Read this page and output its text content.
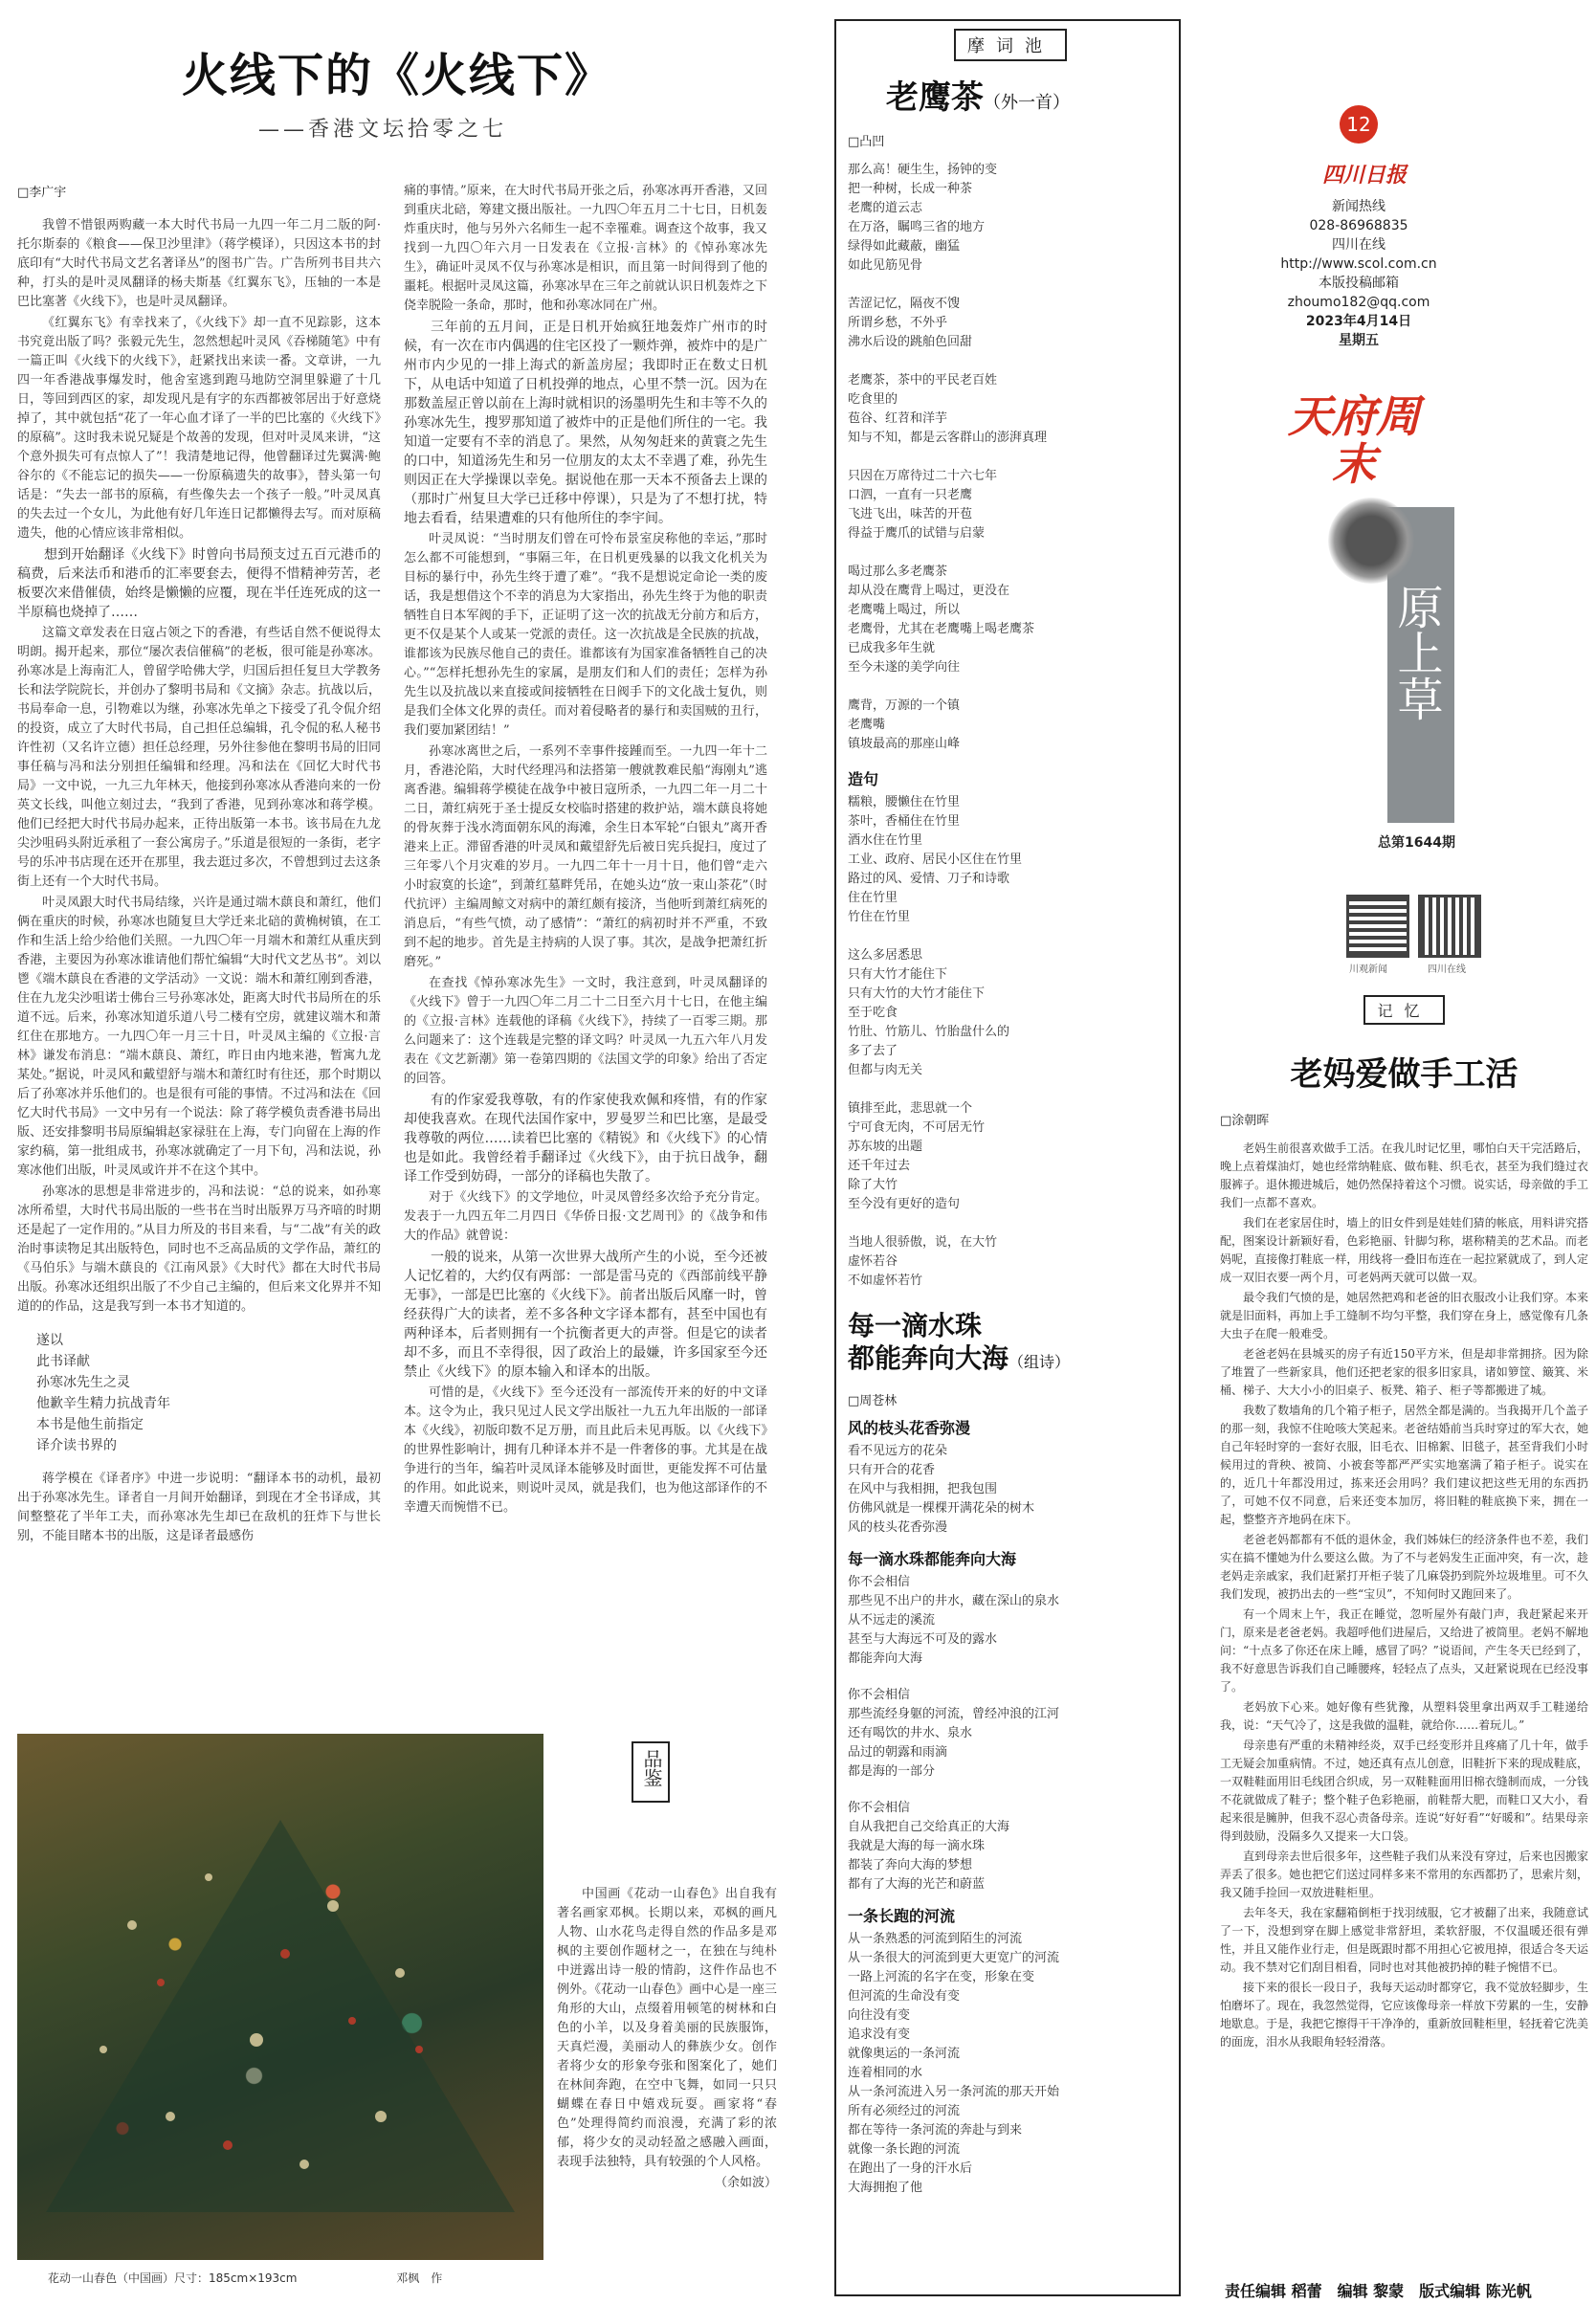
火线下的《火线下》
——香港文坛拾零之七
□李广宇

我曾不惜银两购藏一本大时代书局一九四一年二月二版的阿·托尔斯泰的《粮食——保卫沙里津》（蒋学模译），只因这本书的封底印有“大时代书局文艺名著译丛”的图书广告。广告所列书目共六种，打头的是叶灵凤翻译的杨夫斯基《红翼东飞》，压轴的一本是巴比塞著《火线下》，也是叶灵凤翻译。

《红翼东飞》有幸找来了，《火线下》却一直不见踪影，这本书究竟出版了吗？张毅元先生，忽然想起叶灵风《吞梯随笔》中有一篇正叫《火线下的火线下》，赶紧找出来读一番。文章讲，一九四一年香港战事爆发时，他舍室逃到跑马地防空洞里躲避了十几日，等回到西区的家，却发现凡是有字的东西都被邻居出于好意烧掉了，其中就包括“花了一年心血才译了一半的巴比塞的《火线下》的原稿”。这时我未说兄疑是个故善的发现，但对叶灵凤来讲，“这个意外损失可有点惊人了”！我清楚地记得，他曾翻译过先翼满·鲍谷尔的《不能忘记的损失——一份原稿遗失的故事》，替头第一句话是：“失去一部书的原稿，有些像失去一个孩子一般。”叶灵凤真的失去过一个女儿，为此他有好几年连日记都懒得去写。而对原稿遗失，他的心情应该非常相似。

想到开始翻译《火线下》时曾向书局预支过五百元港币的稿费，后来法币和港币的汇率要套去，便得不惜精神劳苦，老板要次来借催债，始终是懒懒的应覆，现在半任连死成的这一半原稿也烧掉了……

这篇文章发表在日寇占领之下的香港，有些话自然不便说得太明朗。揭开起来，那位“屡次表信催稿”的老板，很可能是孙寒冰。孙寒冰是上海南汇人，曾留学哈佛大学，归国后担任复旦大学教务长和法学院院长，并创办了黎明书局和《文摘》杂志。抗战以后，书局奉命一息，引物难以为继，孙寒冰先单之下接受了孔令侃介绍的投资，成立了大时代书局，自己担任总编辑，孔令侃的私人秘书许性初（又名许立德）担任总经理，另外往参他在黎明书局的旧同事任稿与冯和法分别担任编辑和经理。冯和法在《回忆大时代书局》一文中说，一九三九年林天，他接到孙寒冰从香港向来的一份英文长线，叫他立刻过去，“我到了香港，见到孙寒冰和蒋学模。他们已经把大时代书局办起来，正待出版第一本书。该书局在九龙尖沙咀码头附近承租了一套公寓房子。”乐道是很短的一条街，老字号的乐冲书店现在还开在那里，我去逛过多次，不曾想到过去这条街上还有一个大时代书局。

叶灵凤跟大时代书局结缘，兴许是通过端木蕻良和萧红，他们俩在重庆的时候，孙寒冰也随复旦大学迁来北碚的黄桷树镇，在工作和生活上给少给他们关照。一九四〇年一月端木和萧红从重庆到香港，主要因为孙寒冰谁请他们帮忙编辑“大时代文艺丛书”。刘以鬯《端木蕻良在香港的文学活动》一文说：端木和萧红刚到香港，住在九龙尖沙咀诺士佛台三号孙寒冰处，距离大时代书局所在的乐道不远。后来，孙寒冰知道乐道八号二楼有空房，就建议端木和萧红住在那地方。一九四〇年一月三十日，叶灵凤主编的《立报·言林》谦发布消息：“端木蕻良、萧红，昨日由内地来港，暂寓九龙某处。”据说，叶灵风和戴望舒与端木和萧红时有往还，那个时期以后了孙寒冰并乐他们的。也是很有可能的事情。不过冯和法在《回忆大时代书局》一文中另有一个说法：除了蒋学模负责香港书局出版、还安排黎明书局原编辑赵家禄驻在上海，专门向留在上海的作家约稿，第一批组成书，孙寒冰就确定了一月下旬，冯和法说，孙寒冰他们出版，叶灵凤或许并不在这个其中。

孙寒冰的思想是非常进步的，冯和法说：“总的说来，如孙寒冰所希望，大时代书局出版的一些书在当时出版界万马齐喑的时期还是起了一定作用的。”从目力所及的书目来看，与“二战”有关的政治时事读物足其出版特色，同时也不乏高品质的文学作品，萧红的《马伯乐》与端木蕻良的《江南风景》《大时代》都在大时代书局出版。孙寒冰还组织出版了不少自己主编的，但后来文化界并不知道的的作品，这是我写到一本书才知道的。

遂以
此书译献
孙寒冰先生之灵
他歉辛生精力抗战青年
本书是他生前指定
译介读书界的

蒋学模在《译者序》中进一步说明：“翻译本书的动机，最初出于孙寒冰先生。译者自一月间开始翻译，到现在才全书译成，其间整整花了半年工夫，而孙寒冰先生却已在敌机的狂炸下与世长别，不能目睹本书的出版，这是译者最感伤

痛的事情。”原来，在大时代书局开张之后，孙寒冰再开香港，又回到重庆北碚，筹建文摄出版社。一九四〇年五月二十七日，日机轰炸重庆时，他与另外六名师生一起不幸罹难。调查这个故事，我又找到一九四〇年六月一日发表在《立报·言林》的《悼孙寒冰先生》，确证叶灵凤不仅与孙寒冰是相识，而且第一时间得到了他的噩耗。根据叶灵凤这篇，孙寒冰早在三年之前就认识日机轰炸之下侥幸脱险一条命，那时，他和孙寒冰同在广州。

三年前的五月间，正是日机开始疯狂地轰炸广州市的时候，有一次在市内偶遇的住宅区投了一颗炸弹，被炸中的是广州市内少见的一排上海式的新盖房屋；我即时正在数丈日机下，从电话中知道了日机投弹的地点，心里不禁一沉。因为在那数盖屋正曾以前在上海时就相识的汤墨明先生和丰等不久的孙寒冰先生，搜罗那知道了被炸中的正是他们所住的一宅。我知道一定要有不幸的消息了。果然，从匆匆赶来的黄寰之先生的口中，知道汤先生和另一位朋友的太太不幸遇了难，孙先生则因正在大学操课以幸免。据说他在那一天本不预备去上课的（那时广州复旦大学已迁移中停课），只是为了不想打扰，特地去看看，结果遭难的只有他所住的李宇间。

叶灵凤说：“当时朋友们曾在可怜布景室戾称他的幸运，”那时怎么都不可能想到，“事隔三年，在日机更残暴的以我文化机关为目标的暴行中，孙先生终于遭了难”。“我不是想说定命论一类的废话，我是想借这个不幸的消息为大家指出，孙先生终于为他的职责牺牲自日本军阀的手下，正证明了这一次的抗战无分前方和后方，更不仅是某个人或某一党派的责任。这一次抗战是全民族的抗战，谁都该为民族尽他自己的责任。谁都该有为国家准备牺牲自己的决心。”“怎样托想孙先生的家属，是朋友们和人们的责任；怎样为孙先生以及抗战以来直接或间接牺牲在日阀手下的文化战士复仇，则是我们全体文化界的责任。而对着侵略者的暴行和卖国贼的丑行，我们要加紧团结！”

孙寒冰离世之后，一系列不幸事件接踵而至。一九四一年十二月，香港沦陷，大时代经理冯和法搭第一艘就教难民船“海刚丸”逃离香港。编辑蒋学模徒在战争中被日寇所杀，一九四二年一月二十二日，萧红病死于圣士提反女校临时搭建的救护站，端木蕻良将她的骨灰葬于浅水湾面朝东风的海滩，余生日本军轮“白银丸”离开香港来上正。滞留香港的叶灵凤和戴望舒先后被日宪兵捉扫，度过了三年零八个月灾难的岁月。一九四二年十一月十日，他们曾“走六小时寂寞的长途”，到萧红墓畔凭吊，在她头边“放一束山茶花”（时代抗评）主编周鲸文对病中的萧红颇有接济，当他听到萧红病死的消息后，“有些气愤，动了感情”：“萧红的病初时并不严重，不致到不起的地步。首先是主持病的人误了事。其次，是战争把萧红折磨死。”

在查找《悼孙寒冰先生》一文时，我注意到，叶灵凤翻译的《火线下》曾于一九四〇年二月二十二日至六月十七日，在他主编的《立报·言林》连载他的译稿《火线下》，持续了一百零三期。那么问题来了：这个连载是完整的译文吗？叶灵凤一九五六年八月发表在《文艺新潮》第一卷第四期的《法国文学的印象》给出了否定的回答。

有的作家爱我尊敬，有的作家使我欢佩和疼惜，有的作家却使我喜欢。在现代法国作家中，罗曼罗兰和巴比塞，是最受我尊敬的两位……读着巴比塞的《精锐》和《火线下》的心情也是如此。我曾经着手翻译过《火线下》，由于抗日战争，翻译工作受到妨碍，一部分的译稿也失散了。

对于《火线下》的文学地位，叶灵凤曾经多次给予充分肯定。发表于一九四五年二月四日《华侨日报·文艺周刊》的《战争和伟大的作品》就曾说：

一般的说来，从第一次世界大战所产生的小说，至今还被人记忆着的，大约仅有两部：一部是雷马克的《西部前线平静无事》，一部是巴比塞的《火线下》。前者出版后风靡一时，曾经获得广大的读者，差不多各种文字译本都有，甚至中国也有两种译本，后者则拥有一个抗衡者更大的声誉。但是它的读者却不多，而且不幸得很，因了政治上的最嫌，许多国家至今还禁止《火线下》的原本输入和译本的出版。

可惜的是，《火线下》至今还没有一部流传开来的好的中文译本。这令为止，我只见过人民文学出版社一九五九年出版的一部译本《火线》，初版印数不足万册，而且此后未见再版。以《火线下》的世界性影响计，拥有几种译本并不是一件奢侈的事。尤其是在战争进行的当年，编若叶灵凤译本能够及时面世，更能发挥不可估量的作用。如此说来，则说叶灵凤，就是我们，也为他这部译作的不幸遭天而惋惜不已。

花动一山春色（中国画）尺寸：185cm×193cm	邓枫　作
品鉴

中国画《花动一山春色》出自我有著名画家邓枫。长期以来，邓枫的画凡人物、山水花鸟走得自然的作品多是邓枫的主要创作题材之一，在独在与纯朴中迸露出诗一般的情韵，这件作品也不例外。《花动一山春色》画中心是一座三角形的大山，点缀着用顿笔的树林和白色的小羊，以及身着美丽的民族服饰，天真烂漫，美丽动人的彝族少女。创作者将少女的形象夸张和图案化了，她们在林间奔跑，在空中飞舞，如同一只只蝴蝶在春日中嬉戏玩耍。画家将“春色”处理得简约而浪漫，充满了彩的浓郁，将少女的灵动轻盈之感融入画面，表现手法独特，具有较强的个人风格。

（余如波）
摩词池
老鹰茶（外一首）
□凸凹
那么高！硬生生，扬钟的变
把一种树，长成一种茶
老鹰的道云志
在万洛，瞩鸣三省的地方
绿得如此藏蔽，幽猛
如此见筋见骨
苦涩记忆，隔夜不馊
所谓乡愁，不外乎
沸水后设的跳舶色回甜
老鹰茶，茶中的平民老百姓
吃食里的
苞谷、红苕和洋芋
知与不知，都是云客群山的澎湃真理
只因在万席待过二十六七年
口泗，一直有一只老鹰
飞进飞出，味苦的开苞
得益于鹰爪的试错与启蒙
喝过那么多老鹰茶
却从没在鹰背上喝过，更没在
老鹰嘴上喝过，所以
老鹰骨，尤其在老鹰嘴上喝老鹰茶
已成我多年生就
至今未遂的美学向往
鹰背，万源的一个镇
老鹰嘴
镇坡最高的那座山峰
造句
糯粮，腰懒住在竹里
茶叶，香桶住在竹里
酒水住在竹里
工业、政府、居民小区住在竹里
路过的风、爱情、刀子和诗歌
住在竹里
竹住在竹里
这么多居悉思
只有大竹才能住下
只有大竹的大竹才能住下
至于吃食
竹肚、竹筋儿、竹胎盘什么的
多了去了
但都与肉无关
镇排至此，悲思就一个
宁可食无肉，不可居无竹
苏东坡的出题
还千年过去
除了大竹
至今没有更好的造句
当地人很骄傲，说，在大竹
虚怀若谷
不如虚怀若竹
每一滴水珠
都能奔向大海（组诗）
□周苍林
风的枝头花香弥漫
看不见远方的花朵
只有开合的花香
在风中与我相拥，把我包围
仿佛风就是一棵棵开满花朵的树木
风的枝头花香弥漫
每一滴水珠都能奔向大海
你不会相信
那些见不出户的井水，藏在深山的泉水
从不远走的溪流
甚至与大海远不可及的露水
都能奔向大海
你不会相信
那些流经身躯的河流，曾经冲浪的江河
还有喝饮的井水、泉水
品过的朝露和雨滴
都是海的一部分
你不会相信
自从我把自己交给真正的大海
我就是大海的每一滴水珠
都装了奔向大海的梦想
都有了大海的光芒和蔚蓝
一条长跑的河流
从一条熟悉的河流到陌生的河流
从一条很大的河流到更大更宽广的河流
一路上河流的名字在变，形象在变
但河流的生命没有变
向往没有变
追求没有变
就像奥运的一条河流
连着相同的水
从一条河流进入另一条河流的那天开始
所有必须经过的河流
都在等待一条河流的奔赴与到来
就像一条长跑的河流
在跑出了一身的汗水后
大海拥抱了他
12
四川日报
新闻热线
028-86968835
四川在线
http://www.scol.com.cn
本版投稿邮箱
zhoumo182@qq.com
2023年4月14日
星期五
天府周末
原上草
总第1644期
川观新闻	四川在线
记忆
老妈爱做手工活
□涂朝晖

老妈生前很喜欢做手工活。在我儿时记忆里，哪怕白天干完活路后，晚上点着煤油灯，她也经常纳鞋底、做布鞋、织毛衣，甚至为我们缝过衣服裤子。退休搬进城后，她仍然保持着这个习惯。说实话，母亲做的手工我们一点都不喜欢。

我们在老家居住时，墙上的旧女件到是娃娃们猜的帐底，用料讲究搭配，图案设计新颖好看，色彩艳丽、针脚匀称，堪称精美的艺术品。而老妈呢，直接像打鞋底一样，用线将一叠旧布连在一起拉紧就成了，到人定成一双旧衣要一两个月，可老妈两天就可以做一双。

最令我们气愤的是，她居然把鸡和老爸的旧衣服改小让我们穿。本来就是旧面料，再加上手工缝制不均匀平整，我们穿在身上，感觉像有几条大虫子在爬一般难受。

老爸老妈在县城买的房子有近150平方米，但是却非常拥挤。因为除了堆置了一些新家具，他们还把老家的很多旧家具，诸如箩筐、簸箕、米桶、梯子、大大小小的旧桌子、板凳、箱子、柜子等都搬进了城。

我数了数墙角的几个箱子柜子，居然全都是满的。当我揭开几个盖子的那一刻，我惊不住呛咳大笑起来。老爸结婚前当兵时穿过的军大衣，她自己年轻时穿的一套好衣服，旧毛衣、旧棉絮、旧毯子，甚至背我们小时候用过的背秧、被筒、小被套等都严严实实地塞满了箱子柜子。说实在的，近几十年都没用过，拣来还会用吗？我们建议把这些无用的东西扔了，可她不仅不同意，后来还变本加厉，将旧鞋的鞋底换下来，拥在一起，整整齐齐地码在床下。

老爸老妈都都有不低的退休金，我们姊妹仨的经济条件也不差，我们实在搞不懂她为什么要这么做。为了不与老妈发生正面冲突，有一次，趁老妈走亲戚家，我们赶紧打开柜子装了几麻袋扔到院外垃圾堆里。可不久我们发现，被扔出去的一些“宝贝”，不知何时又跑回来了。

有一个周末上午，我正在睡觉，忽听屋外有敲门声，我赶紧起来开门，原来是老爸老妈。我超呼他们进屋后，又给进了被筒里。老妈不解地问：“十点多了你还在床上睡，感冒了吗？”说语间，产生冬天已经到了，我不好意思告诉我们自己睡腰疼，轻轻点了点头，又赶紧说现在已经没事了。

老妈放下心来。她好像有些犹豫，从塑料袋里拿出两双手工鞋递给我，说：“天气冷了，这是我做的温鞋，就给你……着玩儿。”

母亲患有严重的未精神经炎，双手已经变形并且疼痛了几十年，做手工无疑会加重病情。不过，她还真有点儿创意，旧鞋折下来的现成鞋底，一双鞋鞋面用旧毛线团合织成，另一双鞋鞋面用旧棉衣缝制而成，一分钱不花就做成了鞋子；整个鞋子色彩艳丽，前鞋帮大肥，而鞋口又大小，看起来很是臃肿，但我不忍心责备母亲。连说“好好看”“好暖和”。结果母亲得到鼓励，没隔多久又提来一大口袋。

直到母亲去世后很多年，这些鞋子我们从来没有穿过，后来也因搬家弄丢了很多。她也把它们送过同样多来不常用的东西都扔了，思索片刻，我又随手捡回一双放进鞋柜里。

去年冬天，我在家翻箱倒柜于找羽绒服，它才被翻了出来，我随意试了一下，没想到穿在脚上感觉非常舒坦，柔软舒服，不仅温暖还很有弹性，并且又能作业行走，但是既跟时都不用担心它被甩掉，很适合冬天运动。我不禁对它们刮目相看，同时也对其他被扔掉的鞋子惋惜不已。

接下来的很长一段日子，我每天运动时都穿它，我不觉放轻脚步，生怕磨坏了。现在，我忽然觉得，它应该像母亲一样放下劳累的一生，安静地歇息。于是，我把它擦得干干净净的，重新放回鞋柜里，轻抚着它洗美的面庞，泪水从我眼角轻轻滑落。

责任编辑 稻蕾　编辑 黎蒙　版式编辑 陈光帆
